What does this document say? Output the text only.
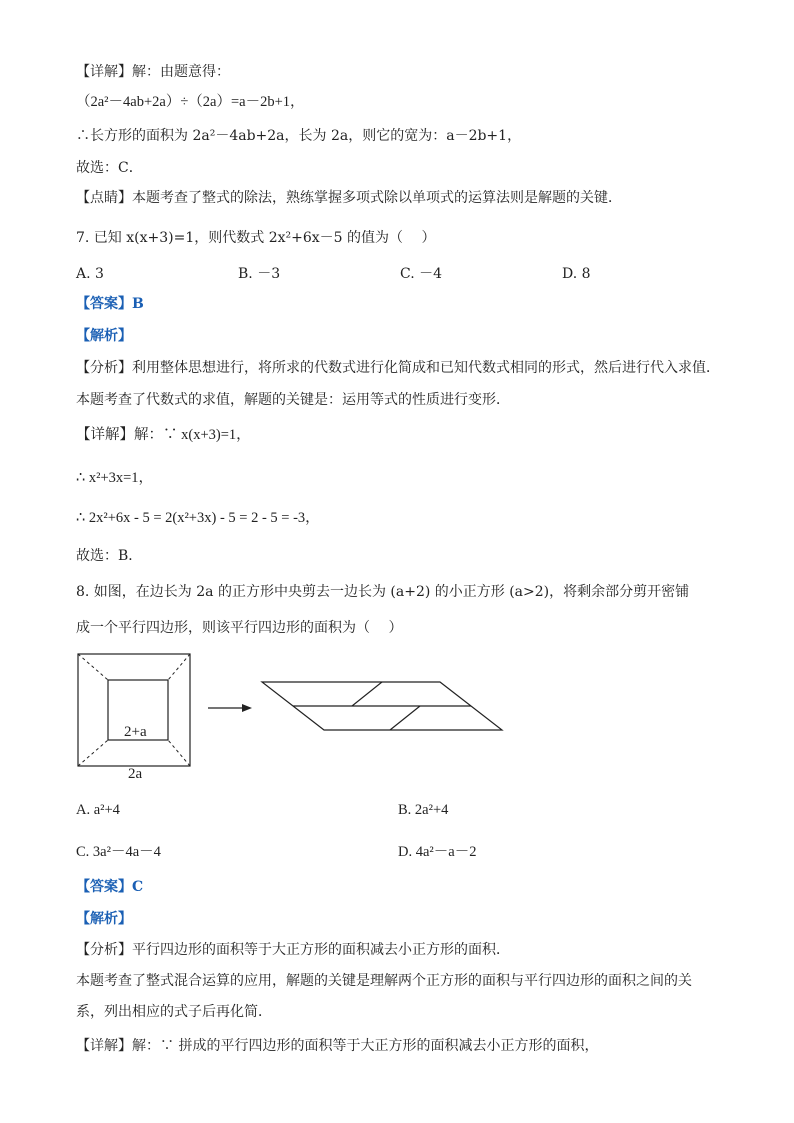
【详解】解：由题意得：
（2a²－4ab+2a）÷（2a）=a－2b+1，
∴长方形的面积为 2a²－4ab+2a，长为 2a，则它的宽为：a－2b+1，
故选：C．
【点睛】本题考查了整式的除法，熟练掌握多项式除以单项式的运算法则是解题的关键．
7. 已知 x(x+3)=1，则代数式 2x²+6x－5 的值为（　 ）
A. 3	B. －3	C. －4	D. 8
【答案】B
【解析】
【分析】利用整体思想进行，将所求的代数式进行化简成和已知代数式相同的形式，然后进行代入求值．
本题考查了代数式的求值，解题的关键是：运用等式的性质进行变形．
【详解】解：∵ x(x+3)=1，
∴ x²+3x=1，
∴ 2x²+6x - 5 = 2(x²+3x) - 5 = 2 - 5 = -3，
故选：B．
8. 如图，在边长为 2a 的正方形中央剪去一边长为 (a+2) 的小正方形 (a>2)，将剩余部分剪开密铺
成一个平行四边形，则该平行四边形的面积为（　 ）
2+a
2a
A. a²+4	B. 2a²+4
C. 3a²－4a－4	D. 4a²－a－2
【答案】C
【解析】
【分析】平行四边形的面积等于大正方形的面积减去小正方形的面积．
本题考查了整式混合运算的应用，解题的关键是理解两个正方形的面积与平行四边形的面积之间的关
系，列出相应的式子后再化简．
【详解】解：∵ 拼成的平行四边形的面积等于大正方形的面积减去小正方形的面积，
